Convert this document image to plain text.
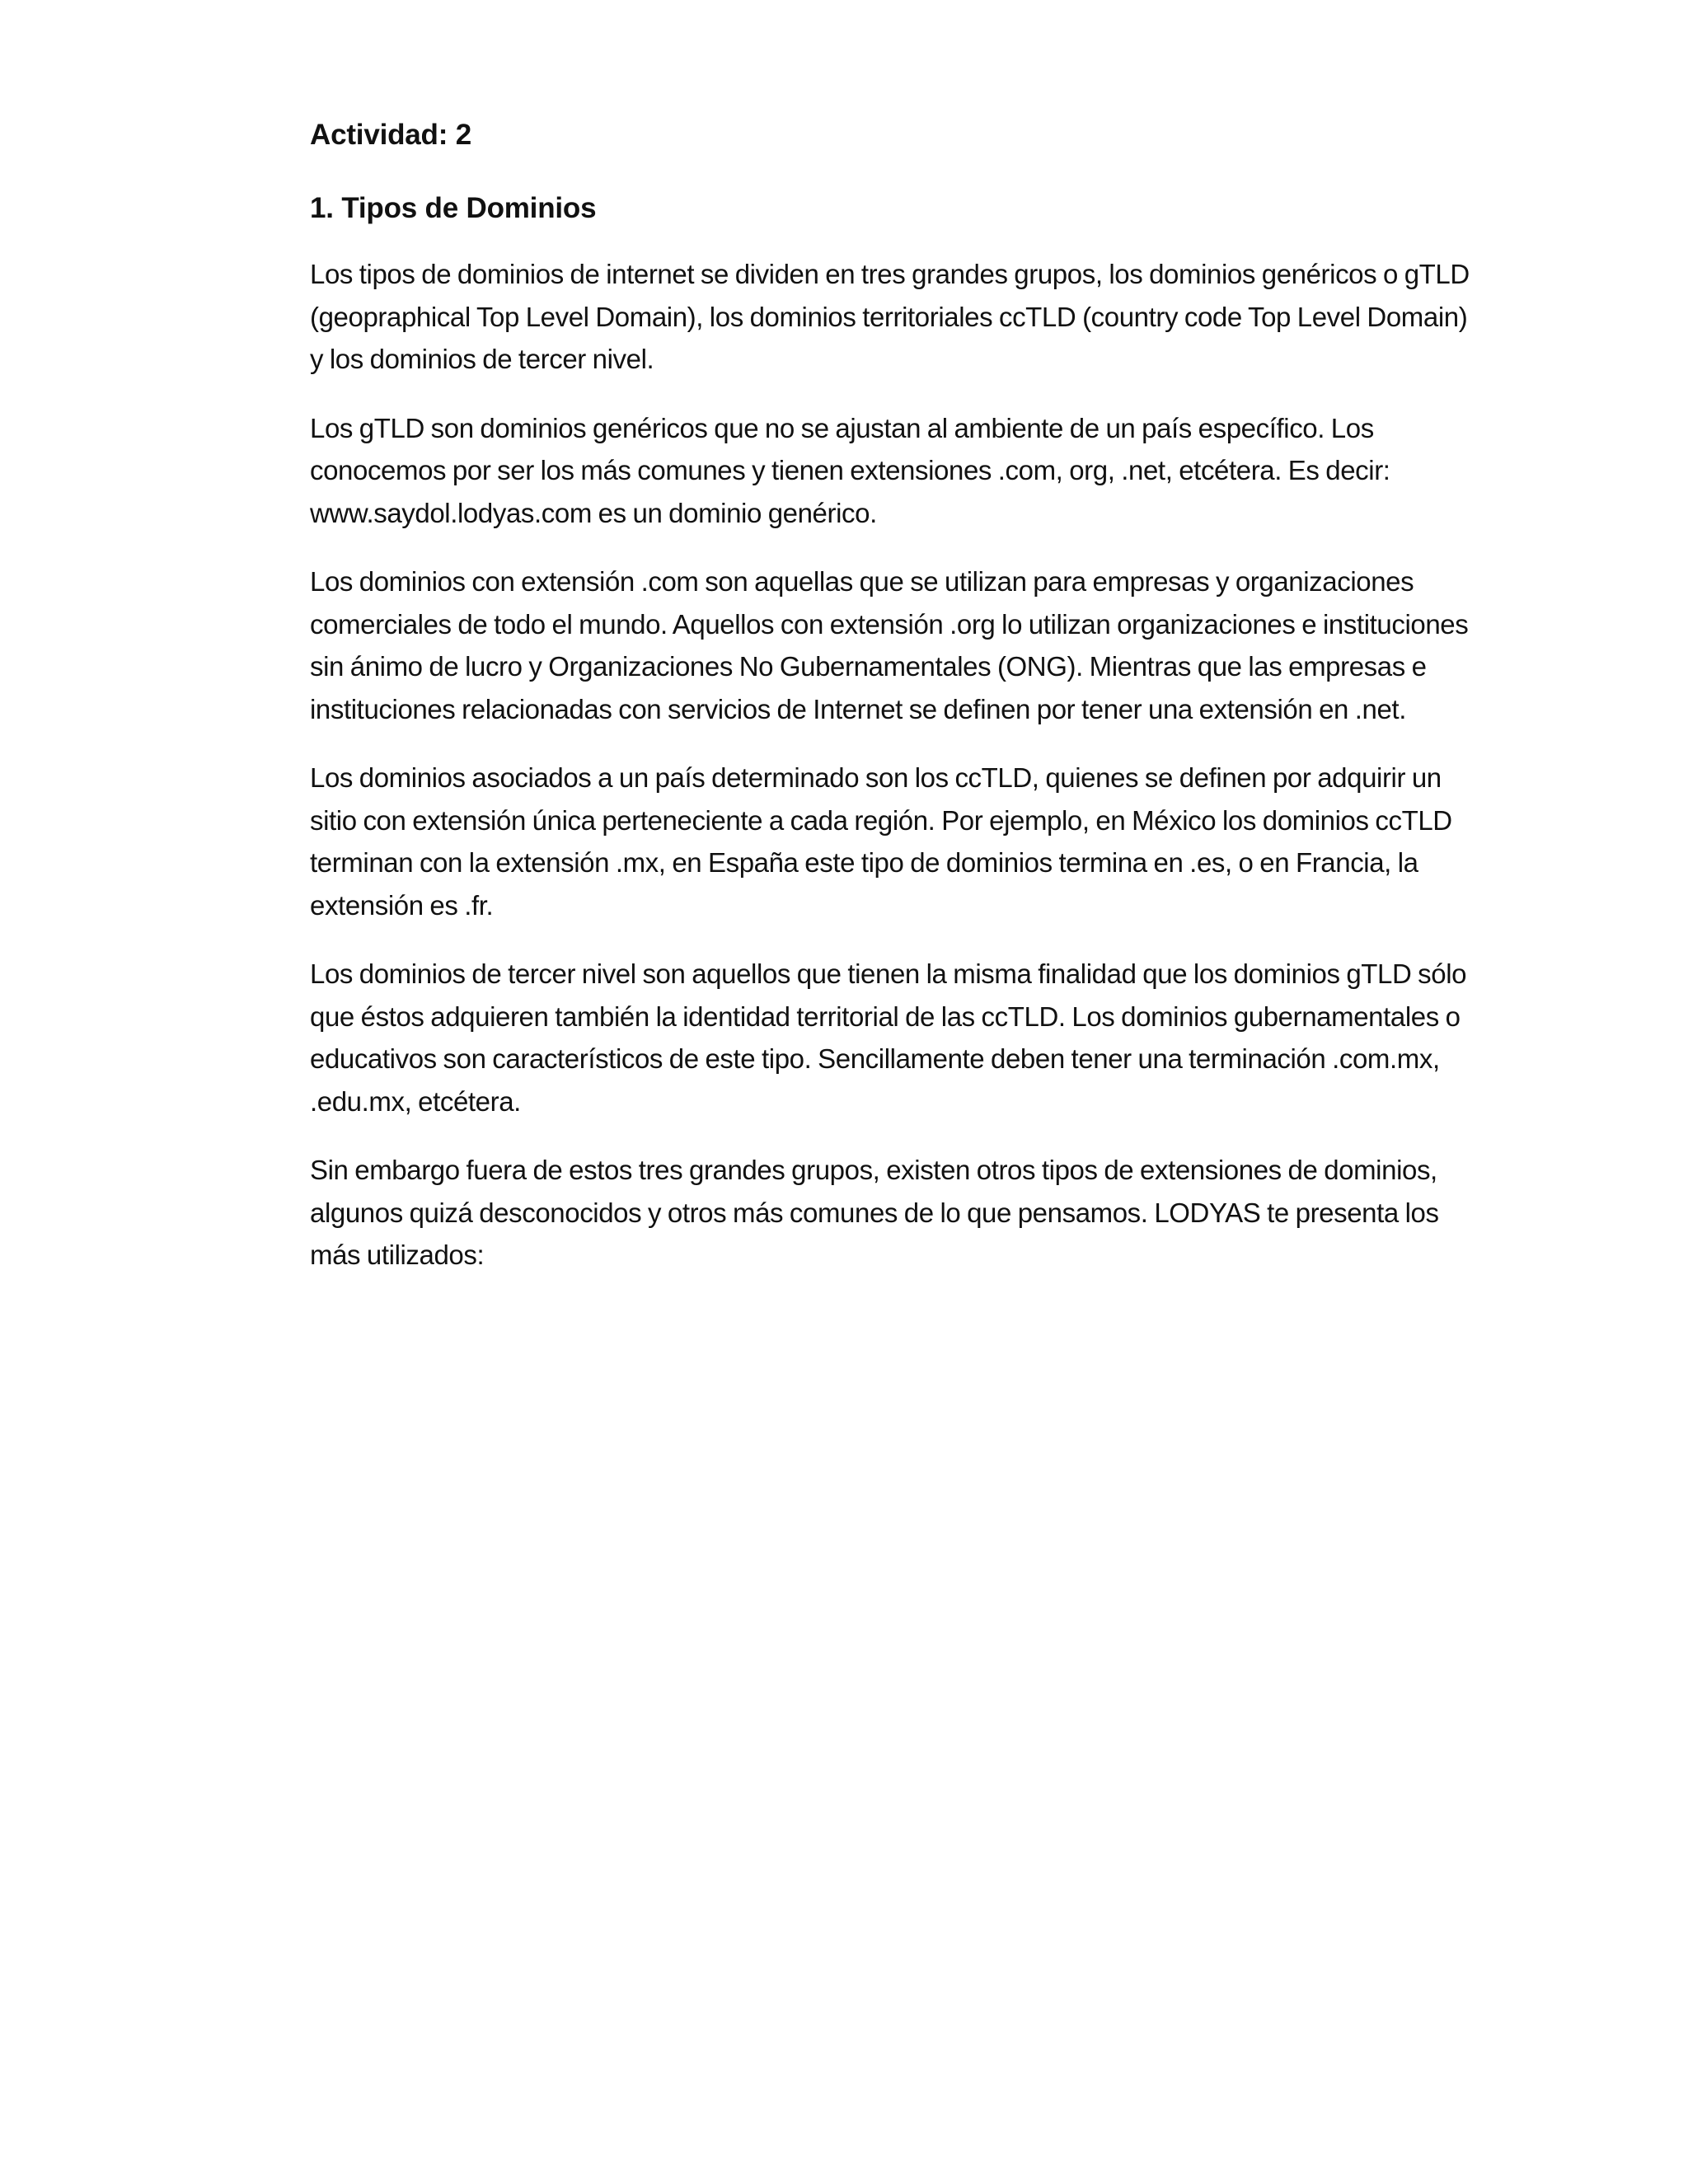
Actividad: 2
1. Tipos de Dominios

Los tipos de dominios de internet se dividen en tres grandes grupos, los dominios genéricos o gTLD (geopraphical Top Level Domain), los dominios territoriales ccTLD (country code Top Level Domain) y los dominios de tercer nivel.

Los gTLD son dominios genéricos que no se ajustan al ambiente de un país específico. Los conocemos por ser los más comunes y tienen extensiones .com, org, .net, etcétera. Es decir: www.saydol.lodyas.com es un dominio genérico.

Los dominios con extensión .com son aquellas que se utilizan para empresas y organizaciones comerciales de todo el mundo. Aquellos con extensión .org lo utilizan organizaciones e instituciones sin ánimo de lucro y Organizaciones No Gubernamentales (ONG). Mientras que las empresas e instituciones relacionadas con servicios de Internet se definen por tener una extensión en .net.

Los dominios asociados a un país determinado son los ccTLD, quienes se definen por adquirir un sitio con extensión única perteneciente a cada región. Por ejemplo, en México los dominios ccTLD terminan con la extensión .mx, en España este tipo de dominios termina en .es, o en Francia, la extensión es .fr.

Los dominios de tercer nivel son aquellos que tienen la misma finalidad que los dominios gTLD sólo que éstos adquieren también la identidad territorial de las ccTLD. Los dominios gubernamentales o educativos son característicos de este tipo. Sencillamente deben tener una terminación .com.mx, .edu.mx, etcétera.

Sin embargo fuera de estos tres grandes grupos, existen otros tipos de extensiones de dominios, algunos quizá desconocidos y otros más comunes de lo que pensamos. LODYAS te presenta los más utilizados:
